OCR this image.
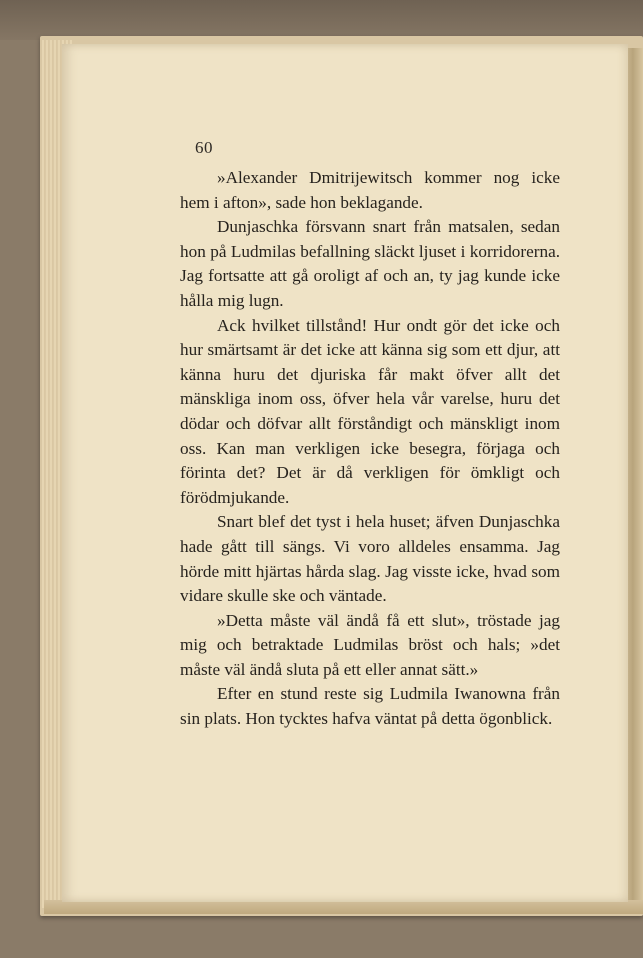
60

»Alexander Dmitrijewitsch kommer nog icke hem i afton», sade hon beklagande.

Dunjaschka försvann snart från matsalen, sedan hon på Ludmilas befallning släckt ljuset i korridorerna. Jag fortsatte att gå oroligt af och an, ty jag kunde icke hålla mig lugn.

Ack hvilket tillstånd! Hur ondt gör det icke och hur smärtsamt är det icke att känna sig som ett djur, att känna huru det djuriska får makt öfver allt det mänskliga inom oss, öfver hela vår varelse, huru det dödar och döfvar allt förståndigt och mänskligt inom oss. Kan man verkligen icke besegra, förjaga och förinta det? Det är då verkligen för ömkligt och förödmjukande.

Snart blef det tyst i hela huset; äfven Dunjaschka hade gått till sängs. Vi voro alldeles ensamma. Jag hörde mitt hjärtas hårda slag. Jag visste icke, hvad som vidare skulle ske och väntade.

»Detta måste väl ändå få ett slut», tröstade jag mig och betraktade Ludmilas bröst och hals; »det måste väl ändå sluta på ett eller annat sätt.»

Efter en stund reste sig Ludmila Iwanowna från sin plats. Hon tycktes hafva väntat på detta ögonblick.
